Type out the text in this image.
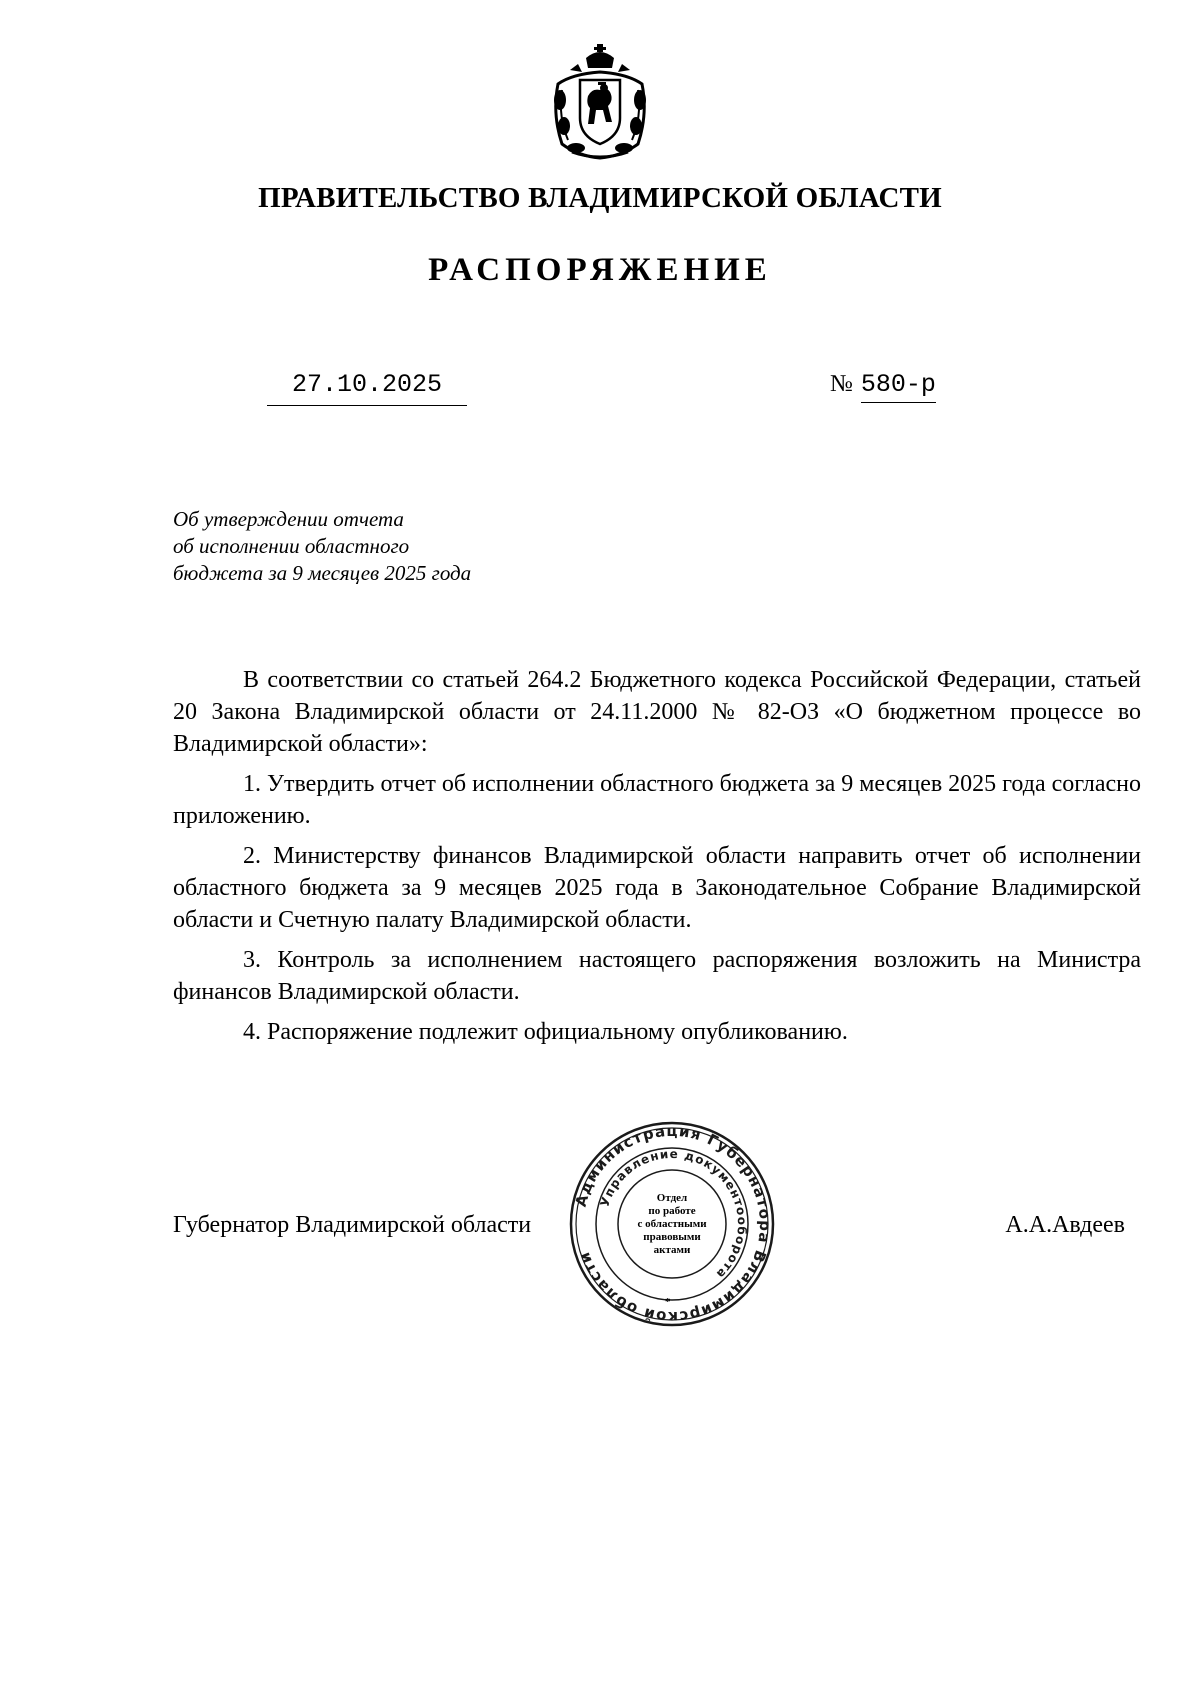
ПРАВИТЕЛЬСТВО ВЛАДИМИРСКОЙ ОБЛАСТИ
РАСПОРЯЖЕНИЕ
27.10.2025	№ 580-р
Об утверждении отчета
об исполнении областного
бюджета за 9 месяцев 2025 года

В соответствии со статьей 264.2 Бюджетного кодекса Российской Федерации, статьей 20 Закона Владимирской области от 24.11.2000 № 82-ОЗ «О бюджетном процессе во Владимирской области»:

1. Утвердить отчет об исполнении областного бюджета за 9 месяцев 2025 года согласно приложению.

2. Министерству финансов Владимирской области направить отчет об исполнении областного бюджета за 9 месяцев 2025 года в Законодательное Собрание Владимирской области и Счетную палату Владимирской области.

3. Контроль за исполнением настоящего распоряжения возложить на Министра финансов Владимирской области.

4. Распоряжение подлежит официальному опубликованию.

Губернатор Владимирской области	А.А.Авдеев
Администрация Губернатора Владимирской области
Управление документооборота
Отдел
по работе
с областными
правовыми
актами
*
